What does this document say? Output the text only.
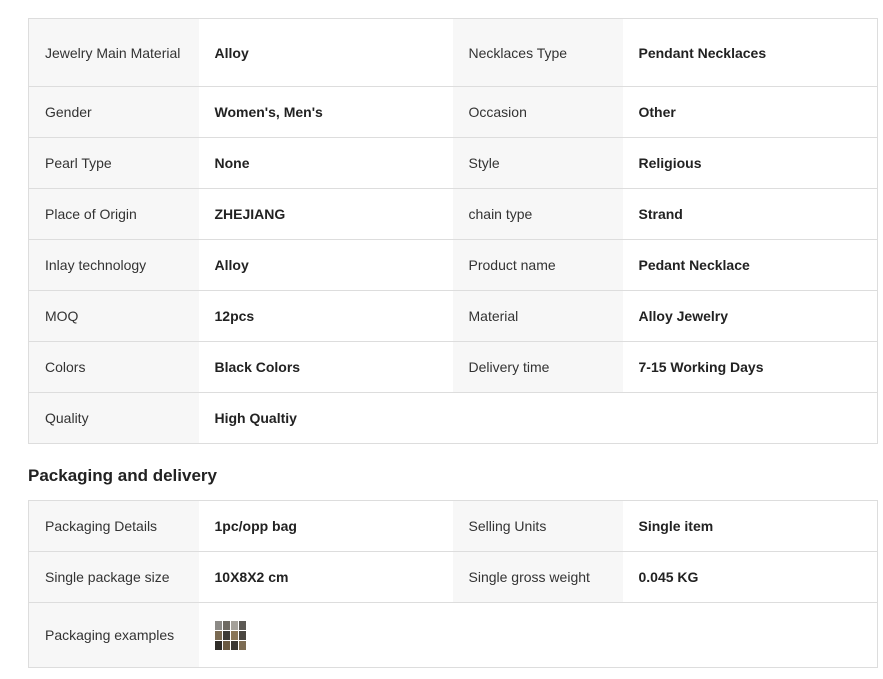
Jewelry Main Material	Alloy	Necklaces Type	Pendant Necklaces
Gender	Women's, Men's	Occasion	Other
Pearl Type	None	Style	Religious
Place of Origin	ZHEJIANG	chain type	Strand
Inlay technology	Alloy	Product name	Pedant Necklace
MOQ	12pcs	Material	Alloy Jewelry
Colors	Black Colors	Delivery time	7-15 Working Days
Quality	High Qualtiy		
Packaging and delivery
Packaging Details	1pc/opp bag	Selling Units	Single item
Single package size	10X8X2 cm	Single gross weight	0.045 KG
Packaging examples			
